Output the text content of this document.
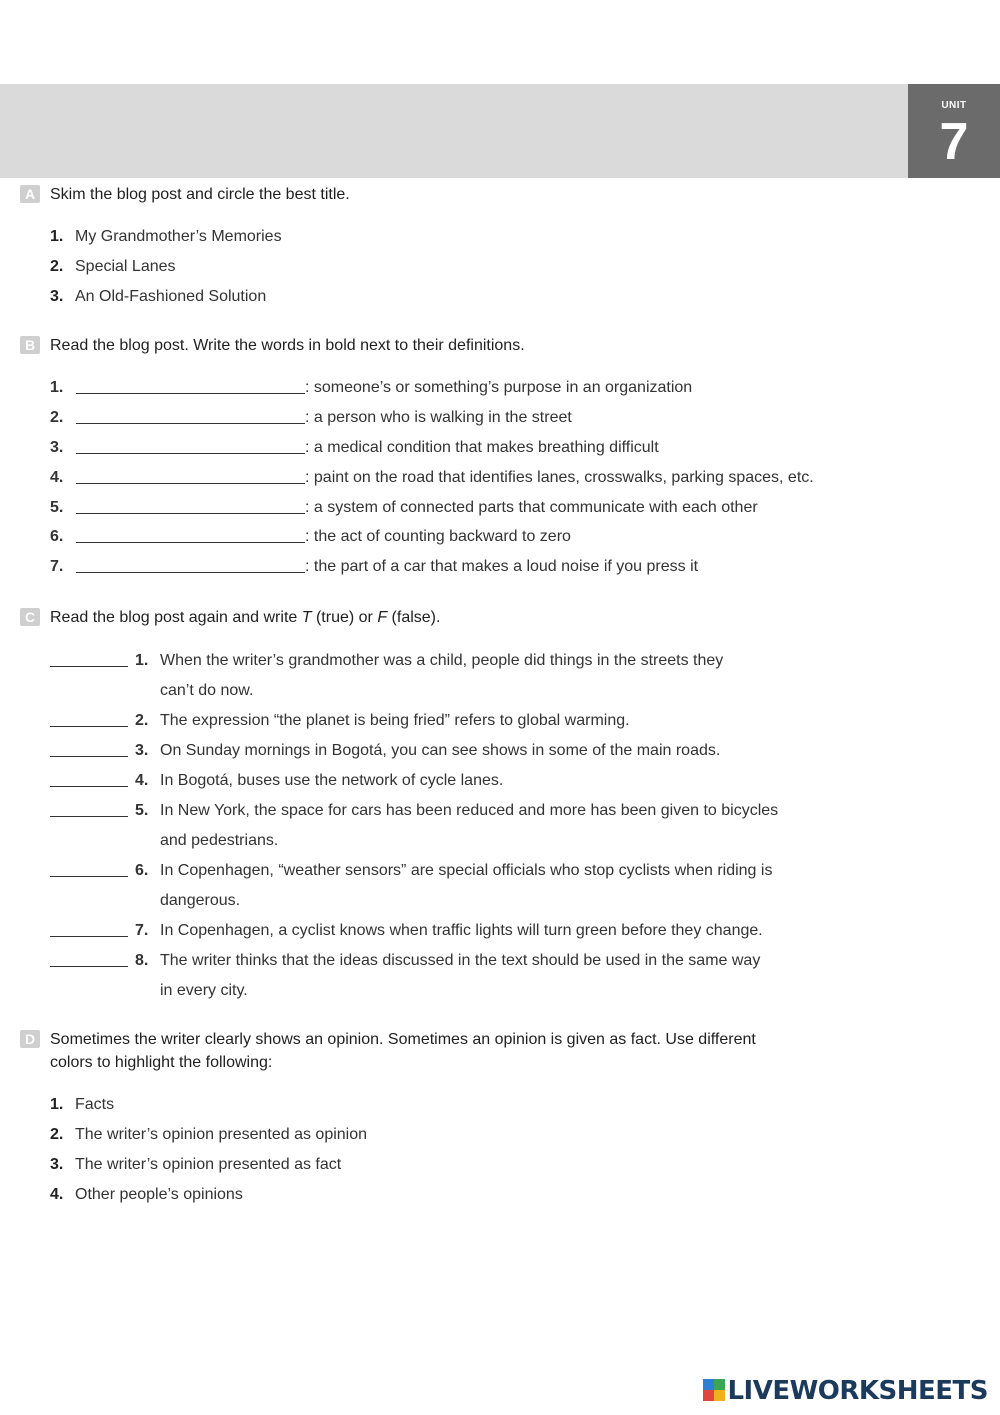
UNIT
7
A Skim the blog post and circle the best title.
1. My Grandmother’s Memories
2. Special Lanes
3. An Old-Fashioned Solution
B Read the blog post. Write the words in bold next to their definitions.
1.	: someone’s or something’s purpose in an organization
2.	: a person who is walking in the street
3.	: a medical condition that makes breathing difficult
4.	: paint on the road that identifies lanes, crosswalks, parking spaces, etc.
5.	: a system of connected parts that communicate with each other
6.	: the act of counting backward to zero
7.	: the part of a car that makes a loud noise if you press it
C Read the blog post again and write T (true) or F (false).
1. When the writer’s grandmother was a child, people did things in the streets they
can’t do now.
2. The expression “the planet is being fried” refers to global warming.
3. On Sunday mornings in Bogotá, you can see shows in some of the main roads.
4. In Bogotá, buses use the network of cycle lanes.
5. In New York, the space for cars has been reduced and more has been given to bicycles
and pedestrians.
6. In Copenhagen, “weather sensors” are special officials who stop cyclists when riding is
dangerous.
7. In Copenhagen, a cyclist knows when traffic lights will turn green before they change.
8. The writer thinks that the ideas discussed in the text should be used in the same way
in every city.
D Sometimes the writer clearly shows an opinion. Sometimes an opinion is given as fact. Use different
colors to highlight the following:
1. Facts
2. The writer’s opinion presented as opinion
3. The writer’s opinion presented as fact
4. Other people’s opinions
LIVEWORKSHEETS
